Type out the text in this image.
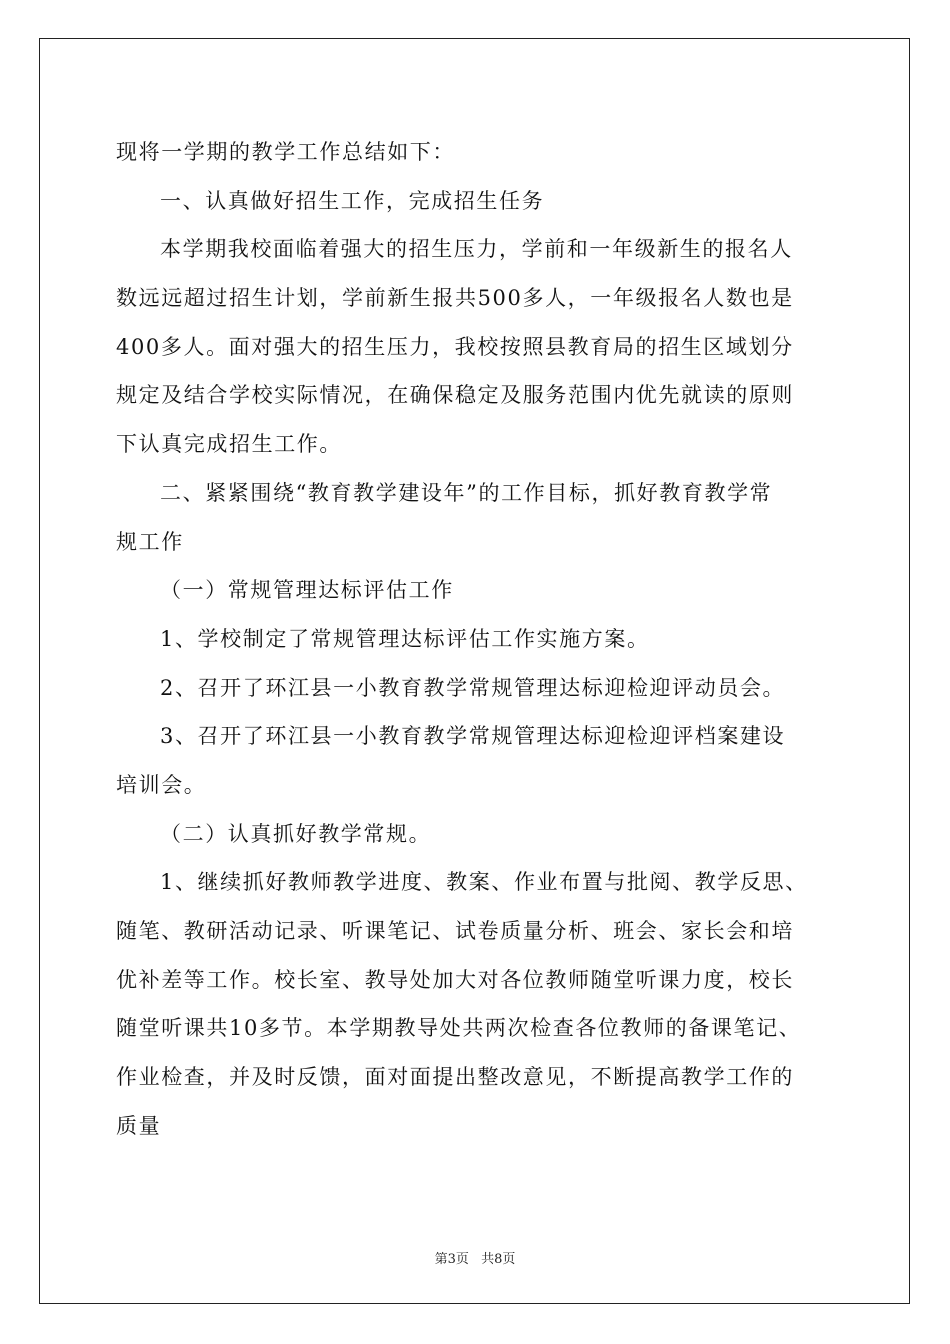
现将一学期的教学工作总结如下：
一、认真做好招生工作，完成招生任务
本学期我校面临着强大的招生压力，学前和一年级新生的报名人
数远远超过招生计划，学前新生报共500多人，一年级报名人数也是
400多人。面对强大的招生压力，我校按照县教育局的招生区域划分
规定及结合学校实际情况，在确保稳定及服务范围内优先就读的原则
下认真完成招生工作。
二、紧紧围绕“教育教学建设年”的工作目标，抓好教育教学常
规工作
（一）常规管理达标评估工作
1、学校制定了常规管理达标评估工作实施方案。
2、召开了环江县一小教育教学常规管理达标迎检迎评动员会。
3、召开了环江县一小教育教学常规管理达标迎检迎评档案建设
培训会。
（二）认真抓好教学常规。
1、继续抓好教师教学进度、教案、作业布置与批阅、教学反思、
随笔、教研活动记录、听课笔记、试卷质量分析、班会、家长会和培
优补差等工作。校长室、教导处加大对各位教师随堂听课力度，校长
随堂听课共10多节。本学期教导处共两次检查各位教师的备课笔记、
作业检查，并及时反馈，面对面提出整改意见，不断提高教学工作的
质量
第3页 共8页
